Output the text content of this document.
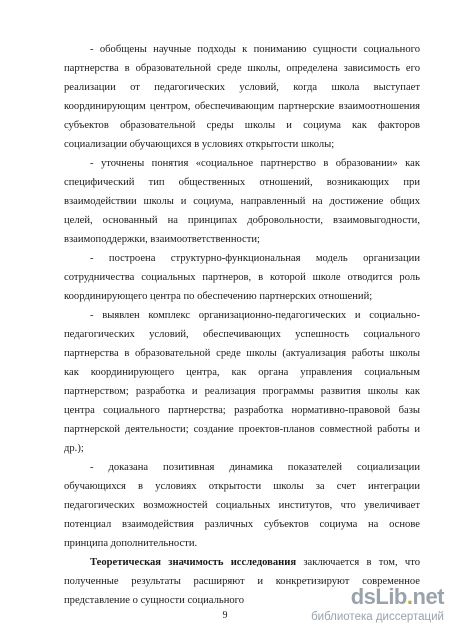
- обобщены научные подходы к пониманию сущности социального
партнерства в образовательной среде школы, определена зависимость его
реализации от педагогических условий, когда школа выступает
координирующим центром, обеспечивающим партнерские взаимоотношения
субъектов образовательной среды школы и социума как факторов
социализации обучающихся в условиях открытости школы;
- уточнены понятия «социальное партнерство в образовании» как
специфический тип общественных отношений, возникающих при
взаимодействии школы и социума, направленный на достижение общих
целей, основанный на принципах добровольности, взаимовыгодности,
взаимоподдержки, взаимоответственности;
- построена структурно-функциональная модель организации
сотрудничества социальных партнеров, в которой школе отводится роль
координирующего центра по обеспечению партнерских отношений;
- выявлен комплекс организационно-педагогических и социально-
педагогических условий, обеспечивающих успешность социального
партнерства в образовательной среде школы (актуализация работы школы
как координирующего центра, как органа управления социальным
партнерством; разработка и реализация программы развития школы как
центра социального партнерства; разработка нормативно-правовой базы
партнерской деятельности; создание проектов-планов совместной работы и
др.);
- доказана позитивная динамика показателей социализации
обучающихся в условиях открытости школы за счет интеграции
педагогических возможностей социальных институтов, что увеличивает
потенциал взаимодействия различных субъектов социума на основе
принципа дополнительности.
Теоретическая значимость исследования заключается в том, что
полученные результаты расширяют и конкретизируют современное
представление о сущности социального
9
dsLib.net
библиотека диссертаций
